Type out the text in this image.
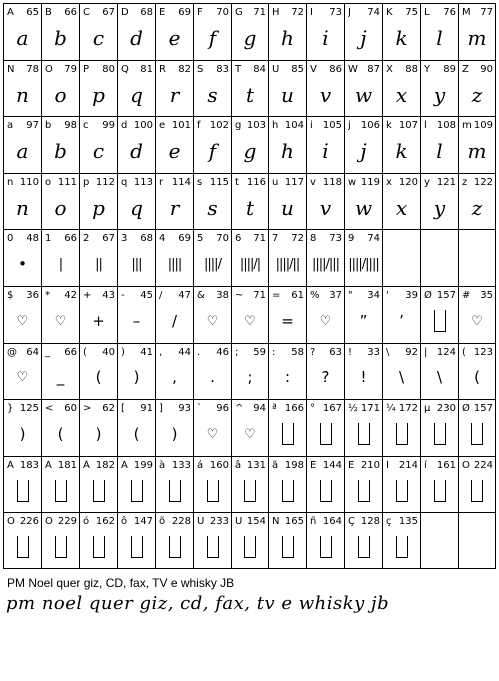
A 65
a
B 66
b
C 67
c
D 68
d
E 69
e
F 70
f
G 71
g
H 72
h
I 73
i
J 74
j
K 75
k
L 76
l
M 77
m
N 78
n
O 79
o
P 80
p
Q 81
q
R 82
r
S 83
s
T 84
t
U 85
u
V 86
v
W 87
w
X 88
x
Y 89
y
Z 90
z
a 97
a
b 98
b
c 99
c
d 100
d
e 101
e
f 102
f
g 103
g
h 104
h
i 105
i
j 106
j
k 107
k
l 108
l
m 109
m
n 110
n
o 111
o
p 112
p
q 113
q
r 114
r
s 115
s
t 116
t
u 117
u
v 118
v
w 119
w
x 120
x
y 121
y
z 122
z
0 48
•
1 66
|
2 67
||
3 68
|||
4 69
||||
5 70
||||/
6 71
||||/|
7 72
||||/||
8 73
||||/|||
9 74
||||/||||
$ 36
♡
* 42
♡
+ 43
+
- 45
–
/ 47
/
& 38
♡
~ 71
♡
= 61
=
% 37
♡
" 34
”
' 39
’
Ø 157 # 35
♡
@ 64
♡
_ 66
_
( 40
(
) 41
)
, 44
,
. 46
.
; 59
;
: 58
:
? 63
?
! 33
!
\ 92
\
| 124
\
( 123
(
} 125
)
< 60
(
> 62
)
[ 91
(
] 93
)
` 96
♡
^ 94
♡
ª 166 ° 167 ½ 171 ¼ 172 µ 230 Ø 157
À 183 Á 181 Â 182 Ã 199 à 133 á 160 â 131 ã 198 É 144 Ê 210 Í 214 í 161 Ó 224
Ô 226 Õ 229 ó 162 ô 147 õ 228 Ú 233 Ü 154 Ñ 165 ñ 164 Ç 128 ç 135
PM Noel quer giz, CD, fax, TV e whisky JB
pm noel quer giz, cd, fax, tv e whisky jb
